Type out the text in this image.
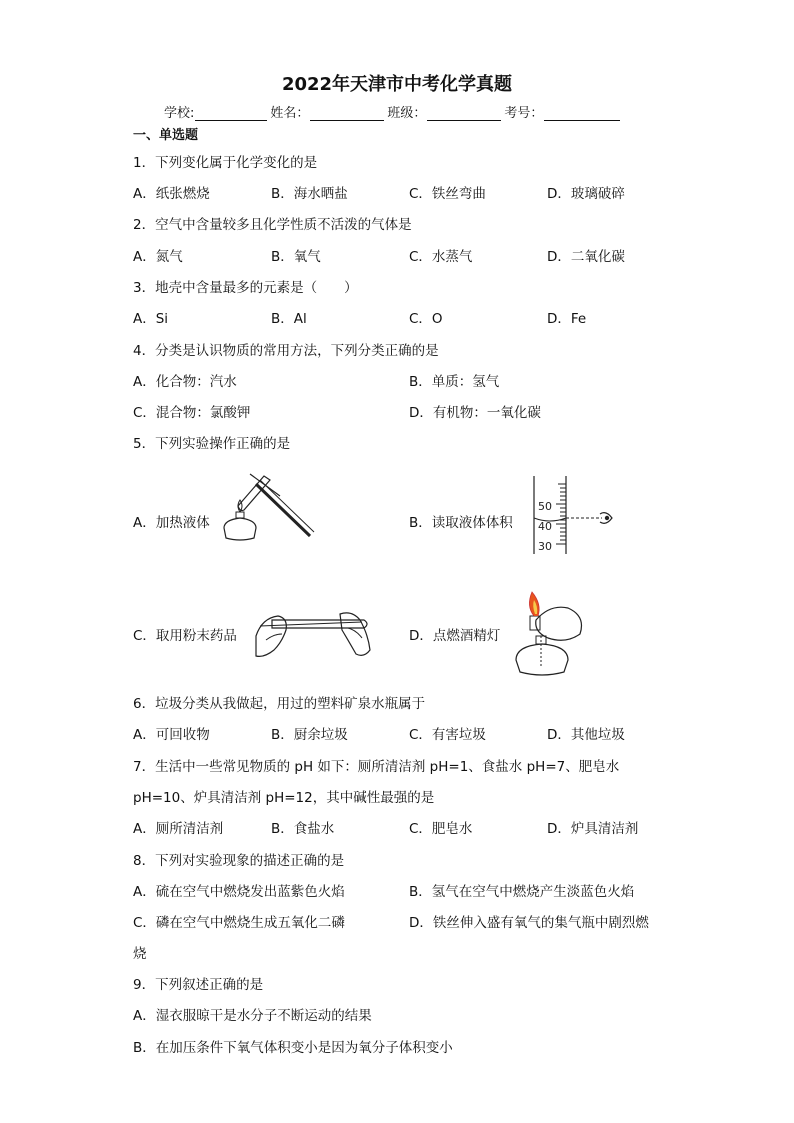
2022年天津市中考化学真题
学校:	姓名：	班级：	考号：
一、单选题
1．下列变化属于化学变化的是
A．纸张燃烧	B．海水晒盐	C．铁丝弯曲	D．玻璃破碎
2．空气中含量较多且化学性质不活泼的气体是
A．氮气	B．氧气	C．水蒸气	D．二氧化碳
3．地壳中含量最多的元素是（　　）
A．Si	B．Al	C．O	D．Fe
4．分类是认识物质的常用方法，下列分类正确的是
A．化合物：汽水	B．单质：氢气
C．混合物：氯酸钾	D．有机物：一氧化碳
5．下列实验操作正确的是
A．加热液体	B．读取液体体积
50
40
30
C．取用粉末药品	D．点燃酒精灯
6．垃圾分类从我做起，用过的塑料矿泉水瓶属于
A．可回收物	B．厨余垃圾	C．有害垃圾	D．其他垃圾
7．生活中一些常见物质的 pH 如下：厕所清洁剂 pH=1、食盐水 pH=7、肥皂水
pH=10、炉具清洁剂 pH=12，其中碱性最强的是
A．厕所清洁剂	B．食盐水	C．肥皂水	D．炉具清洁剂
8．下列对实验现象的描述正确的是
A．硫在空气中燃烧发出蓝紫色火焰	B．氢气在空气中燃烧产生淡蓝色火焰
C．磷在空气中燃烧生成五氧化二磷	D．铁丝伸入盛有氧气的集气瓶中剧烈燃
烧
9．下列叙述正确的是
A．湿衣服晾干是水分子不断运动的结果
B．在加压条件下氧气体积变小是因为氧分子体积变小
